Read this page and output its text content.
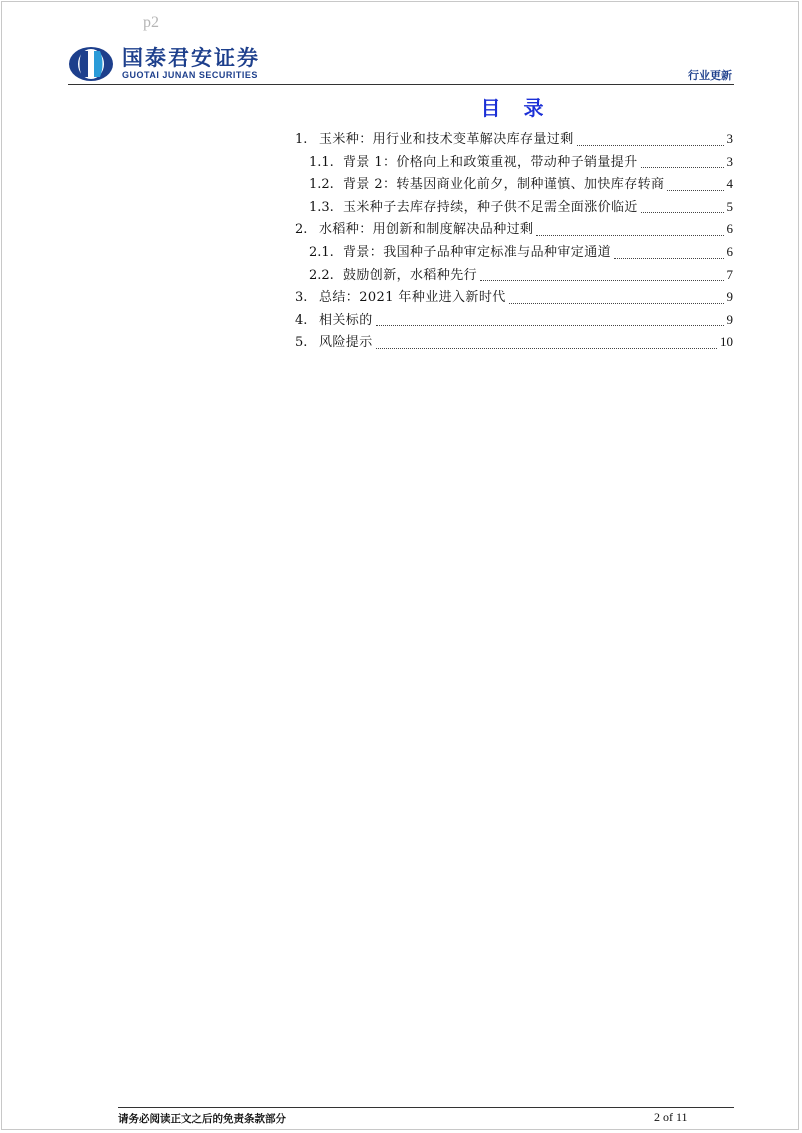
p2
国泰君安证券
GUOTAI JUNAN SECURITIES	行业更新
目 录
1. 玉米种：用行业和技术变革解决库存量过剩	3
1.1. 背景 1：价格向上和政策重视，带动种子销量提升	3
1.2. 背景 2：转基因商业化前夕，制种谨慎、加快库存转商	4
1.3. 玉米种子去库存持续，种子供不足需全面涨价临近	5
2. 水稻种：用创新和制度解决品种过剩	6
2.1. 背景：我国种子品种审定标准与品种审定通道	6
2.2. 鼓励创新，水稻种先行	7
3. 总结：2021 年种业进入新时代	9
4. 相关标的	9
5. 风险提示	10
请务必阅读正文之后的免责条款部分	2 of 11
